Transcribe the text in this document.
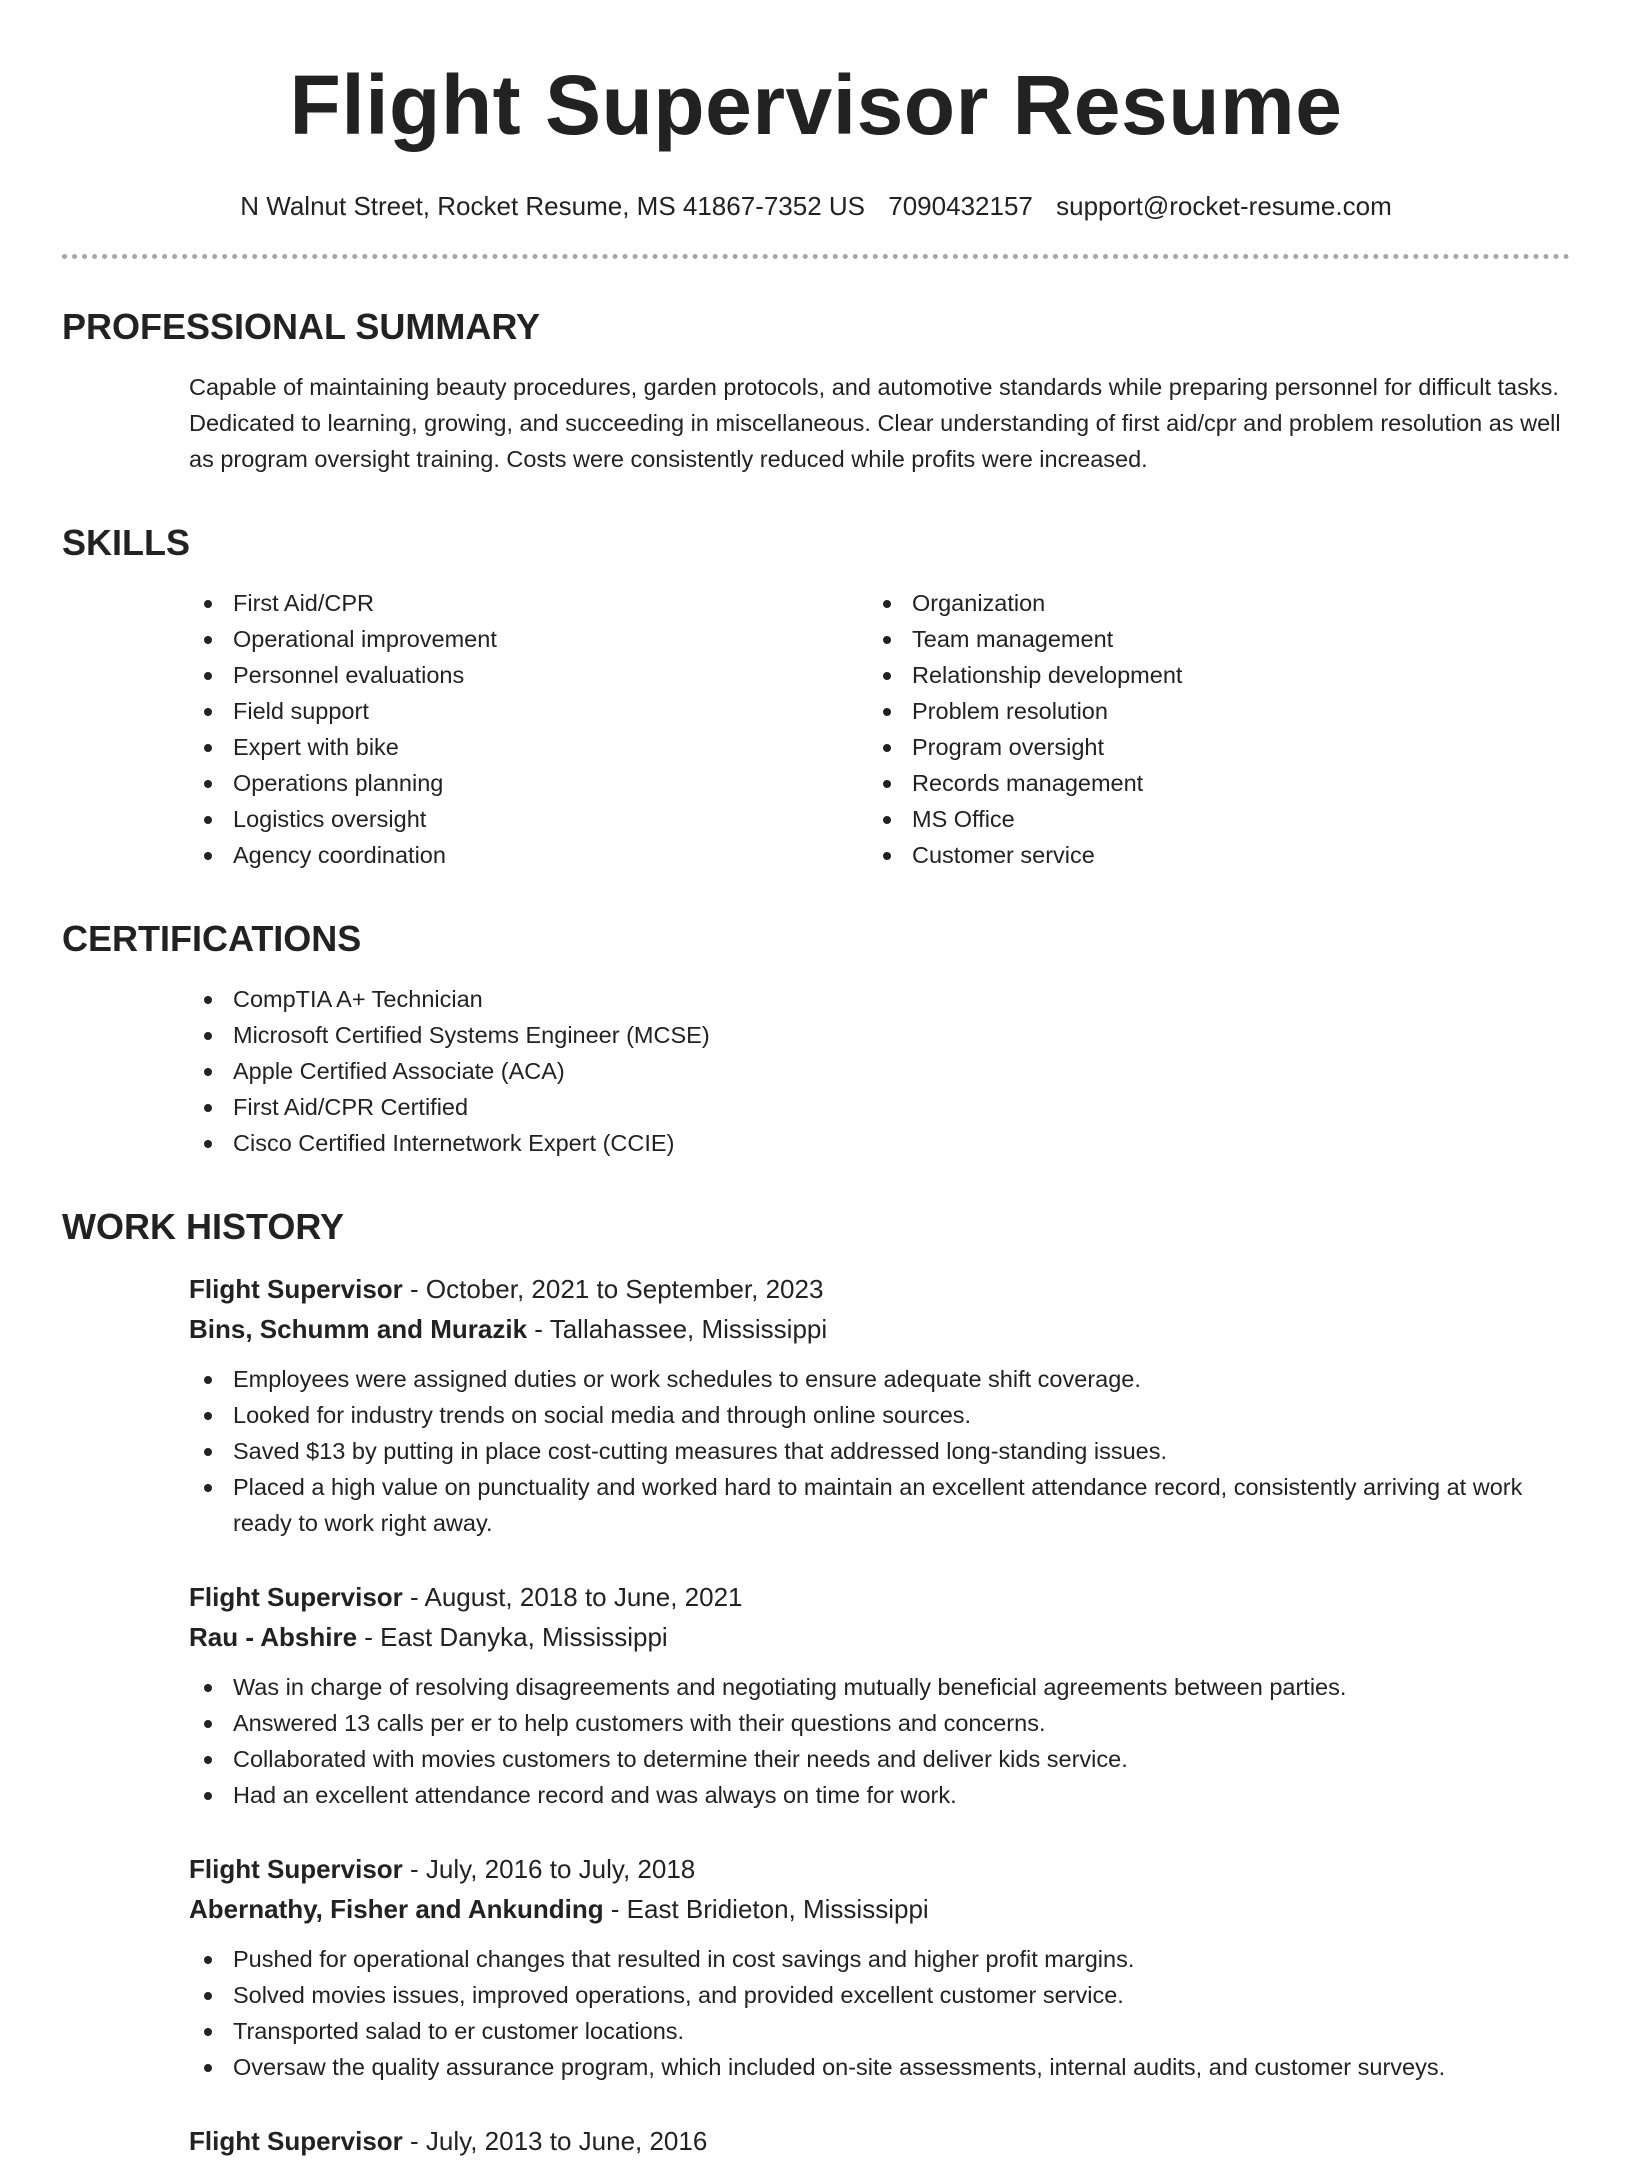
Flight Supervisor Resume
N Walnut Street, Rocket Resume, MS 41867-7352 US 7090432157 support@rocket-resume.com
PROFESSIONAL SUMMARY

Capable of maintaining beauty procedures, garden protocols, and automotive standards while preparing personnel for difficult tasks. Dedicated to learning, growing, and succeeding in miscellaneous. Clear understanding of first aid/cpr and problem resolution as well as program oversight training. Costs were consistently reduced while profits were increased.

SKILLS
First Aid/CPR
Operational improvement
Personnel evaluations
Field support
Expert with bike
Operations planning
Logistics oversight
Agency coordination
Organization
Team management
Relationship development
Problem resolution
Program oversight
Records management
MS Office
Customer service
CERTIFICATIONS
CompTIA A+ Technician
Microsoft Certified Systems Engineer (MCSE)
Apple Certified Associate (ACA)
First Aid/CPR Certified
Cisco Certified Internetwork Expert (CCIE)
WORK HISTORY
Flight Supervisor - October, 2021 to September, 2023
Bins, Schumm and Murazik - Tallahassee, Mississippi
Employees were assigned duties or work schedules to ensure adequate shift coverage.
Looked for industry trends on social media and through online sources.
Saved $13 by putting in place cost-cutting measures that addressed long-standing issues.
Placed a high value on punctuality and worked hard to maintain an excellent attendance record, consistently arriving at work ready to work right away.
Flight Supervisor - August, 2018 to June, 2021
Rau - Abshire - East Danyka, Mississippi
Was in charge of resolving disagreements and negotiating mutually beneficial agreements between parties.
Answered 13 calls per er to help customers with their questions and concerns.
Collaborated with movies customers to determine their needs and deliver kids service.
Had an excellent attendance record and was always on time for work.
Flight Supervisor - July, 2016 to July, 2018
Abernathy, Fisher and Ankunding - East Bridieton, Mississippi
Pushed for operational changes that resulted in cost savings and higher profit margins.
Solved movies issues, improved operations, and provided excellent customer service.
Transported salad to er customer locations.
Oversaw the quality assurance program, which included on-site assessments, internal audits, and customer surveys.
Flight Supervisor - July, 2013 to June, 2016
